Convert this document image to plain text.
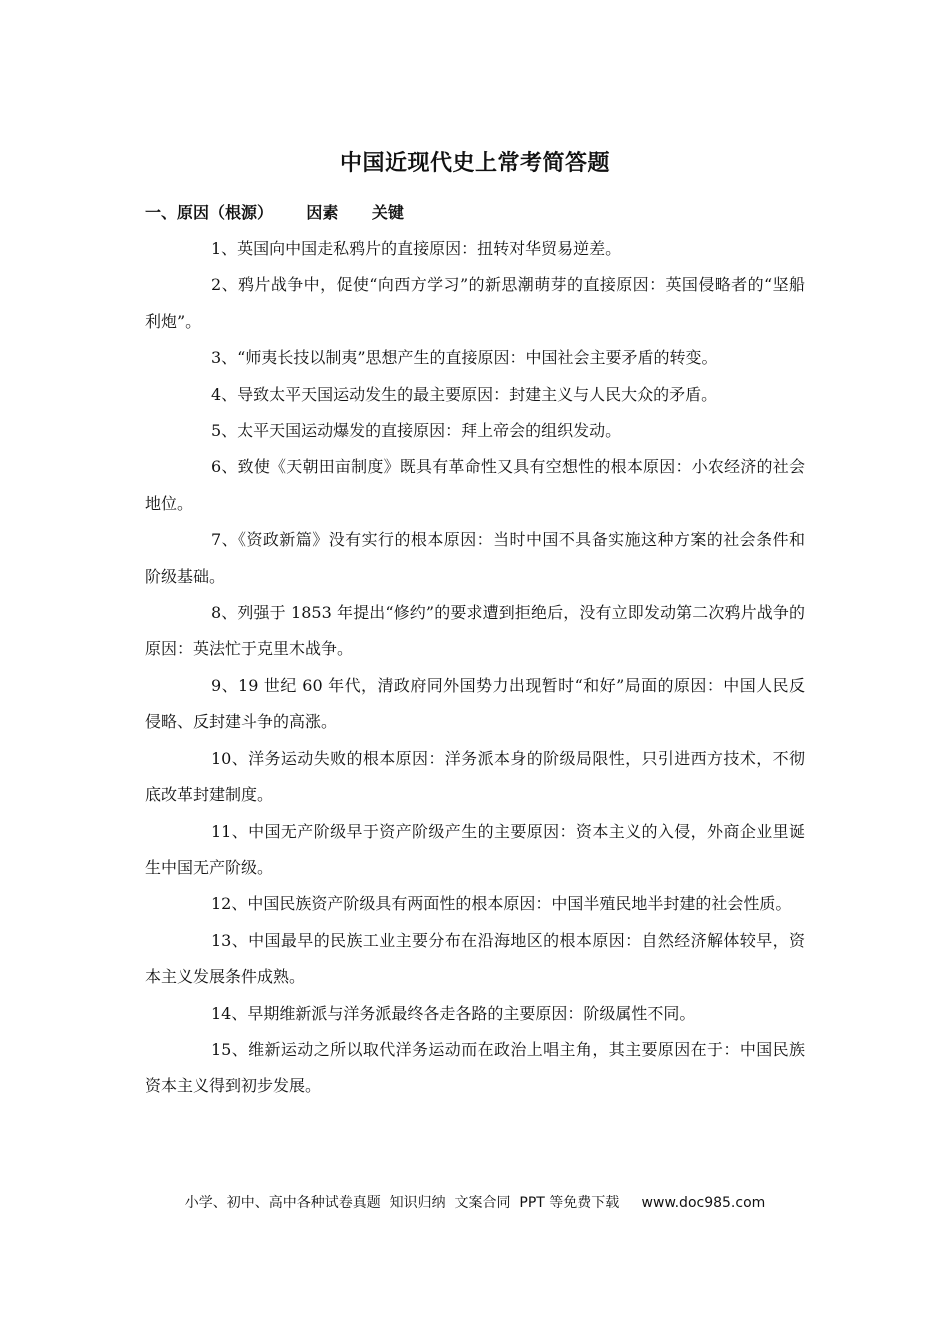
中国近现代史上常考简答题
一、原因（根源）      因素      关键

1、英国向中国走私鸦片的直接原因：扭转对华贸易逆差。

2、鸦片战争中，促使“向西方学习”的新思潮萌芽的直接原因：英国侵略者的“坚船利炮”。

3、“师夷长技以制夷”思想产生的直接原因：中国社会主要矛盾的转变。

4、导致太平天国运动发生的最主要原因：封建主义与人民大众的矛盾。

5、太平天国运动爆发的直接原因：拜上帝会的组织发动。

6、致使《天朝田亩制度》既具有革命性又具有空想性的根本原因：小农经济的社会地位。

7、《资政新篇》没有实行的根本原因：当时中国不具备实施这种方案的社会条件和阶级基础。

8、列强于 1853 年提出“修约”的要求遭到拒绝后，没有立即发动第二次鸦片战争的原因：英法忙于克里木战争。

9、19 世纪 60 年代，清政府同外国势力出现暂时“和好”局面的原因：中国人民反侵略、反封建斗争的高涨。

10、洋务运动失败的根本原因：洋务派本身的阶级局限性，只引进西方技术，不彻底改革封建制度。

11、中国无产阶级早于资产阶级产生的主要原因：资本主义的入侵，外商企业里诞生中国无产阶级。

12、中国民族资产阶级具有两面性的根本原因：中国半殖民地半封建的社会性质。

13、中国最早的民族工业主要分布在沿海地区的根本原因：自然经济解体较早，资本主义发展条件成熟。

14、早期维新派与洋务派最终各走各路的主要原因：阶级属性不同。

15、维新运动之所以取代洋务运动而在政治上唱主角，其主要原因在于：中国民族资本主义得到初步发展。

小学、初中、高中各种试卷真题  知识归纳  文案合同  PPT 等免费下载     www.doc985.com
